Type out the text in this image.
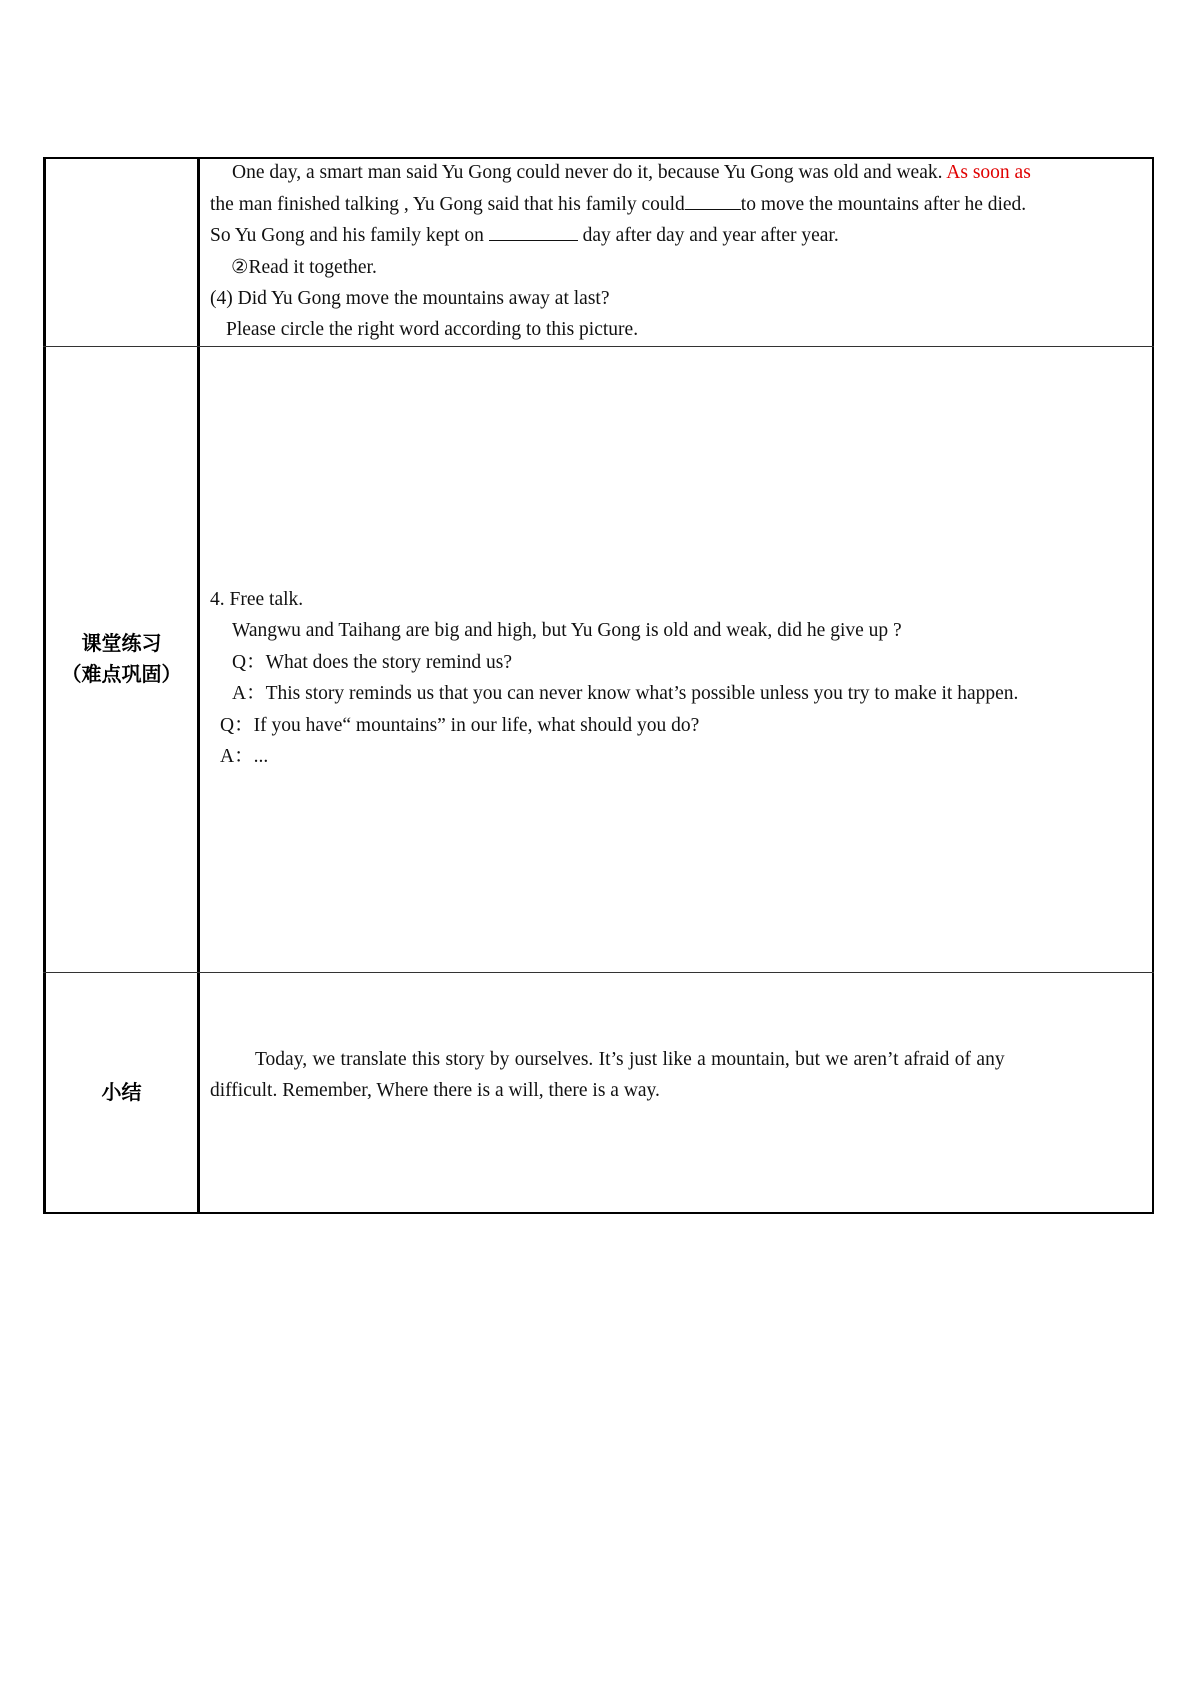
One day, a smart man said Yu Gong could never do it, because Yu Gong was old and weak. As soon as
the man finished talking , Yu Gong said that his family could	to move the mountains after he died.
So Yu Gong and his family kept on	day after day and year after year.
②Read it together.
(4) Did Yu Gong move the mountains away at last?
Please circle the right word according to this picture.
课堂练习
（难点巩固）
4. Free talk.
Wangwu and Taihang are big and high, but Yu Gong is old and weak, did he give up ?
Q：What does the story remind us?
A：This story reminds us that you can never know what’s possible unless you try to make it happen.
Q：If you have“ mountains” in our life, what should you do?
A：...
小结
Today, we translate this story by ourselves. It’s just like a mountain, but we aren’t afraid of any
difficult. Remember, Where there is a will, there is a way.
